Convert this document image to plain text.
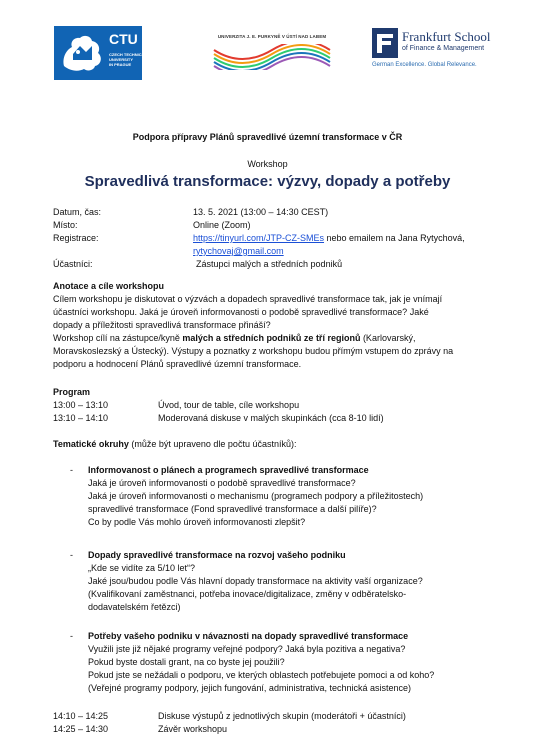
CTU
CZECH TECHNICAL
UNIVERSITY
IN PRAGUE
UNIVERZITA J. E. PURKYNĚ V ÚSTÍ NAD LABEM	Frankfurt School
of Finance & Management
German Excellence. Global Relevance.
Podpora přípravy Plánů spravedlivé územní transformace v ČR
Workshop
Spravedlivá transformace: výzvy, dopady a potřeby
Datum, čas:	13. 5. 2021 (13:00 – 14:30 CEST)
Místo:	Online (Zoom)
Registrace:	https://tinyurl.com/JTP-CZ-SMEs nebo emailem na Jana Rytychová,
rytychovaj@gmail.com
Účastníci:	Zástupci malých a středních podniků
Anotace a cíle workshopu
Cílem workshopu je diskutovat o výzvách a dopadech spravedlivé transformace tak, jak je vnímají
účastníci workshopu. Jaká je úroveň informovanosti o podobě spravedlivé transformace? Jaké
dopady a příležitosti spravedlivá transformace přináší?
Workshop cílí na zástupce/kyně malých a středních podniků ze tří regionů (Karlovarský,
Moravskoslezský a Ústecký). Výstupy a poznatky z workshopu budou přímým vstupem do zprávy na
podporu a hodnocení Plánů spravedlivé územní transformace.
Program
13:00 – 13:10	Úvod, tour de table, cíle workshopu
13:10 – 14:10	Moderovaná diskuse v malých skupinkách (cca 8-10 lidí)
Tematické okruhy (může být upraveno dle počtu účastníků):
- Informovanost o plánech a programech spravedlivé transformace
Jaká je úroveň informovanosti o podobě spravedlivé transformace?
Jaká je úroveň informovanosti o mechanismu (programech podpory a příležitostech)
spravedlivé transformace (Fond spravedlivé transformace a další pilíře)?
Co by podle Vás mohlo úroveň informovanosti zlepšit?
- Dopady spravedlivé transformace na rozvoj vašeho podniku
„Kde se vidíte za 5/10 let“?
Jaké jsou/budou podle Vás hlavní dopady transformace na aktivity vaší organizace?
(Kvalifikovaní zaměstnanci, potřeba inovace/digitalizace, změny v odběratelsko-
dodavatelském řetězci)
- Potřeby vašeho podniku v návaznosti na dopady spravedlivé transformace
Využili jste již nějaké programy veřejné podpory? Jaká byla pozitiva a negativa?
Pokud byste dostali grant, na co byste jej použili?
Pokud jste se nežádali o podporu, ve kterých oblastech potřebujete pomoci a od koho?
(Veřejné programy podpory, jejich fungování, administrativa, technická asistence)
14:10 – 14:25	Diskuse výstupů z jednotlivých skupin (moderátoři + účastníci)
14:25 – 14:30	Závěr workshopu
